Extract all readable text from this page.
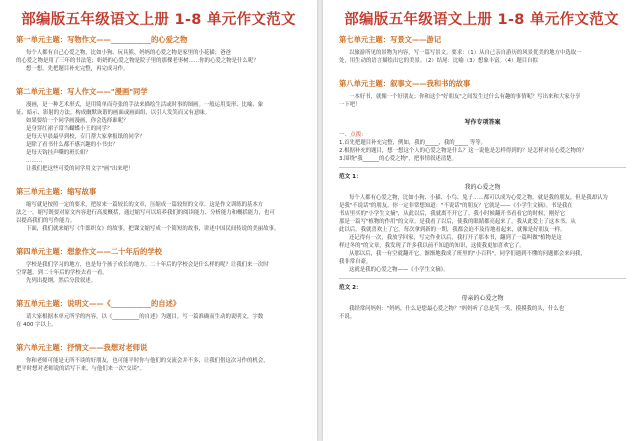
部编版五年级语文上册 1-8 单元作文范文
第一单元主题：写物作文——___________的心爱之物
每个人都有自己心爱之物，比如小狗、玩具熊、妈妈的心爱之物是家里的小花猫；爸爸
的心爱之物是用了三年的书法笔；奶奶的心爱之物是院子里的那棵老枣树……你的心爱之物是什么呢？
想一想，先把题目补充完整，再完成习作。
第二单元主题：写人作文——"漫画"同学
漫画，是一种艺术形式，是用简单而夸张的手法来描绘生活或时事的图画。一般运用变形、比喻、象
征、暗示、影射的方法。构成幽默诙谐的画面或画面组，以引人发笑而又有意味。
如果要给一个同学画漫画，你会选择谁呢？
是身穿红裙子常当蝴蝶小王的同学？
是每天早晨最早到校，专门帮大家拿报纸的同学？
是除了看书什么都不感兴趣的小书虫？
是每天钩挂声嘶的班长姐？
………
让我们把这些可爱的同学用文字"画"出来吧！
第三单元主题：缩写故事
缩写就是按照一定的要求，把原来一篇较长的文章，压缩成一篇较短的文章。这是作文训练的基本方
法之一。缩写既要对原文内容进行高度概括，通过缩写可以培养我们的阅读能力、分析能力和概括能力，也可
以提高我们的写作能力。
下面，我们就来缩写《牛郎织女》的故事，把课文缩写成一个简短的故事，讲述中国民间传说的美丽故事。
第四单元主题：想象作文——二十年后的学校
学校是我们学习的地方，也是每个孩子成长的地方。二十年后的学校会是什么样的呢？让我们来一次时
空穿越，到二十年后的学校去看一看。
先列出提纲，然后分段叙述。
第五单元主题：说明文——《___________的自述》
请大家根据本单元所学的内容，以《__________的自述》为题目，写一篇准确而生动的说明文，字数
在 400 字以上。
第六单元主题：抒情文——我想对老师说
你和老师可能是无所不谈的好朋友，也可能平时你与他们的交流会并不多，让我们借这次习作的机会，
把平时想对老师说的话写下来，与他们来一次"交谈"。
部编版五年级语文上册 1-8 单元作文范文
第七单元主题：写景文——游记
以旅游所见的景物为内容，写一篇写景文。要求：（1）从自己亲自游历的风景优美的地方中选取一
处，用生动的语言描绘出它的美景。（2）结尾：比喻（3）想象丰富。（4）题目自拟
第八单元主题：叙事文——我和书的故事
一本好书，就像一个好朋友；你和这个"好朋友"之间发生过什么有趣的事情呢？写出来和大家分享
一下吧！
写作专项答案
一、点拨：
1.首先把题目补充完整，例如，我的_____，我的_____ 等等。
2.根据补充的题目，想一想这个人的心爱之物是什么？这一说他是怎样得到的？是怎样对待心爱之物的？
3.围绕"我______的心爱之物"，把事情叙述清楚。
范文 1：
我的心爱之物
每个人都有心爱之物，比如小狗、小猫、小鸟、兔子……都可以成为心爱之物。就是我的朋友，但是我却认为
是我"不说话"的朋友，你一定非常想知道："不说话"的朋友？它就是——《小学生文摘》。书是我在
书店里买的"小学生文摘"，从此以后，我就离不开它了。我小时候翻开书看看它的时候，刚好它
那是一篇写"植物的作用"的文章。是我看了以后，使我的眼睛都亮起来了，我从此爱上了这本书。从
此以后，我就喜欢上了它。每次拿到新的一期，我都会迫不及待地看起来，就像是好朋友一样。
还记得有一次，我放学回家，写完作业以后，我打开了那本书，翻到了一篇叫做"植物是这
样过冬的"的文章，我发现了许多我以前不知道的知识，这使我更加喜欢它了。
从那以后，我一有空就翻开它，渐渐地我成了班里的"小百科"，同学们遇到不懂的问题都会来问我，
我非常自豪。
这就是我的心爱之物——《小学生文摘》。
范文 2：
母亲的心爱之物
我经常问妈妈："妈妈，什么是您最心爱之物？"妈妈听了总是笑一笑，摸摸我的头，什么也
不说。
